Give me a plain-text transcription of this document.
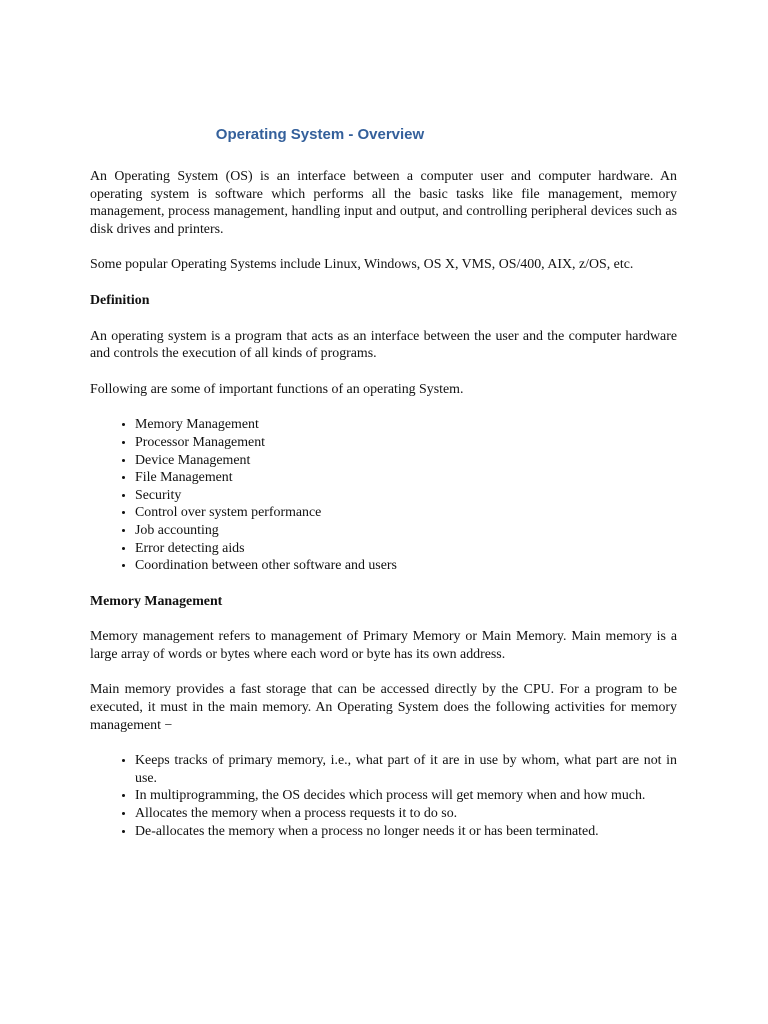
Operating System - Overview

An Operating System (OS) is an interface between a computer user and computer hardware. An operating system is software which performs all the basic tasks like file management, memory management, process management, handling input and output, and controlling peripheral devices such as disk drives and printers.

Some popular Operating Systems include Linux, Windows, OS X, VMS, OS/400, AIX, z/OS, etc.

Definition

An operating system is a program that acts as an interface between the user and the computer hardware and controls the execution of all kinds of programs.

Following are some of important functions of an operating System.

• Memory Management
• Processor Management
• Device Management
• File Management
• Security
• Control over system performance
• Job accounting
• Error detecting aids
• Coordination between other software and users
Memory Management

Memory management refers to management of Primary Memory or Main Memory. Main memory is a large array of words or bytes where each word or byte has its own address.

Main memory provides a fast storage that can be accessed directly by the CPU. For a program to be executed, it must in the main memory. An Operating System does the following activities for memory management −

• Keeps tracks of primary memory, i.e., what part of it are in use by whom, what part are not in use.
• In multiprogramming, the OS decides which process will get memory when and how much.
• Allocates the memory when a process requests it to do so.
• De-allocates the memory when a process no longer needs it or has been terminated.
